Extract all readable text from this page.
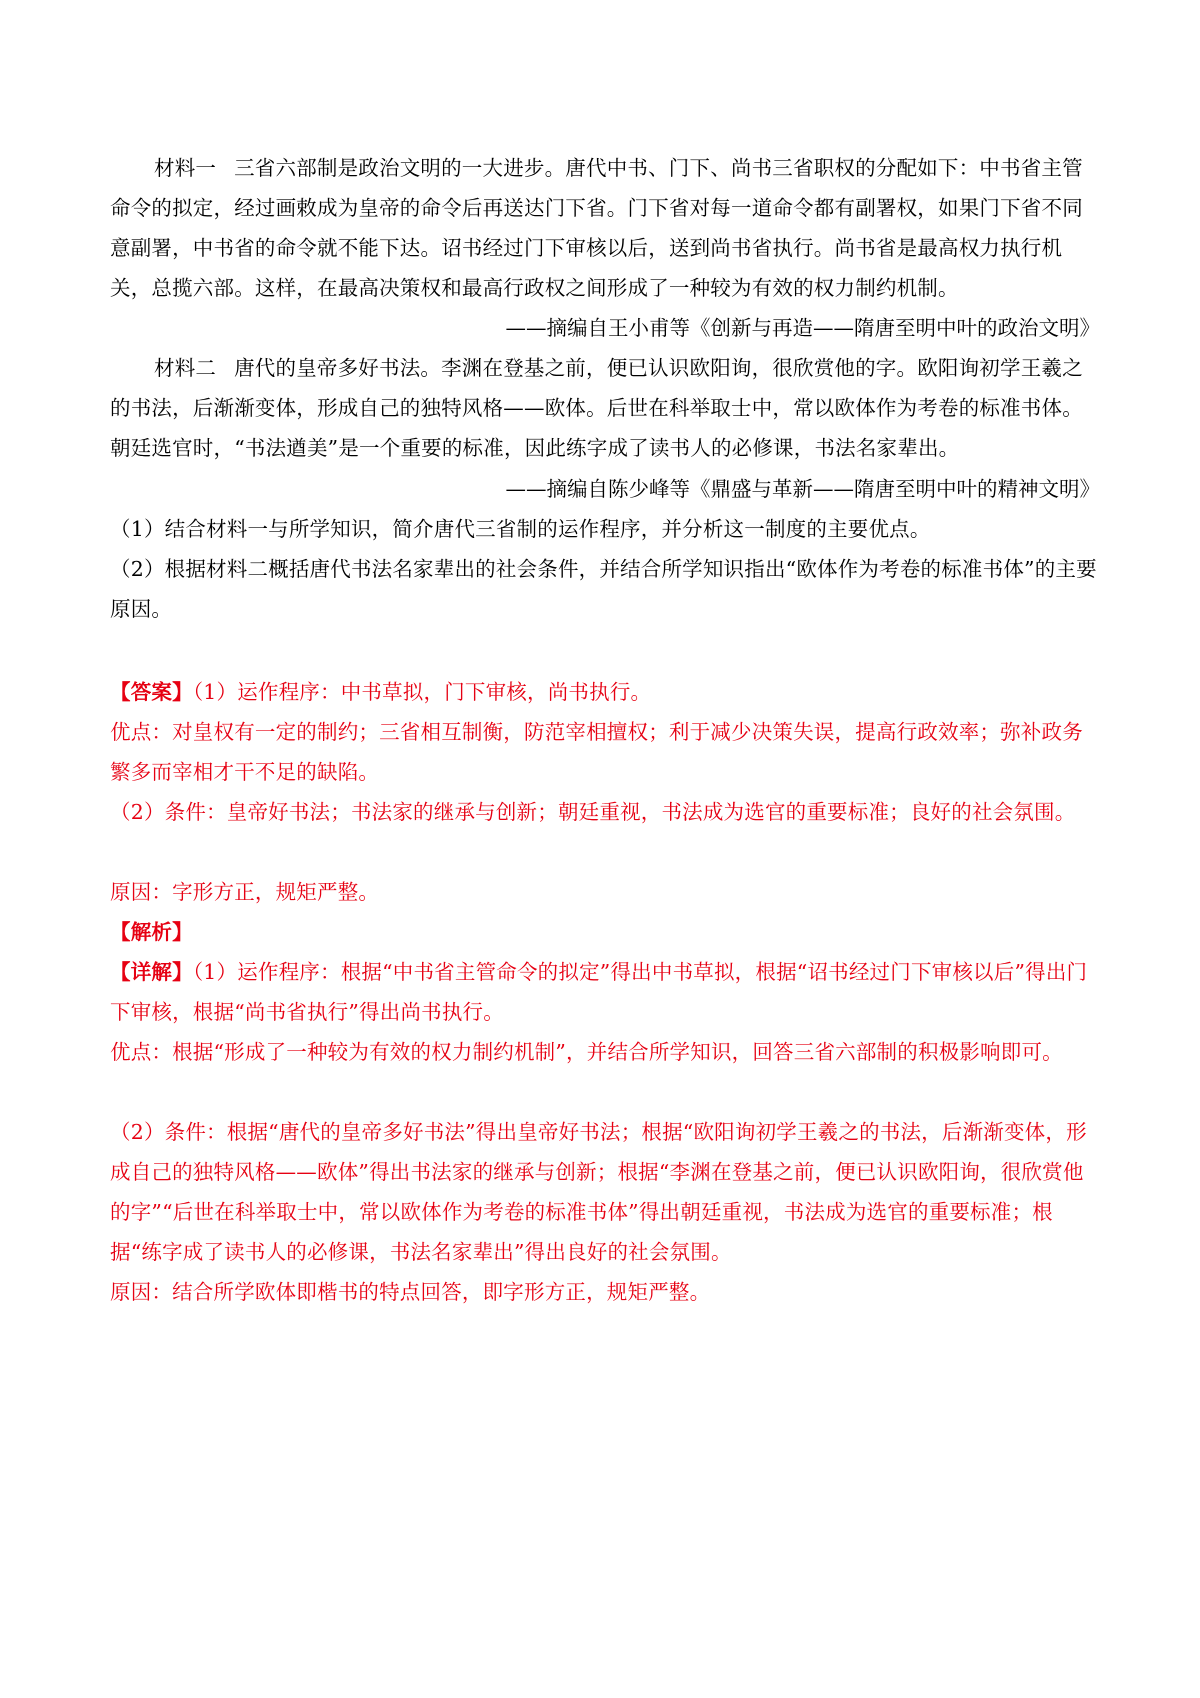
材料一 三省六部制是政治文明的一大进步。唐代中书、门下、尚书三省职权的分配如下：中书省主管命令的拟定，经过画敕成为皇帝的命令后再送达门下省。门下省对每一道命令都有副署权，如果门下省不同意副署，中书省的命令就不能下达。诏书经过门下审核以后，送到尚书省执行。尚书省是最高权力执行机关，总揽六部。这样，在最高决策权和最高行政权之间形成了一种较为有效的权力制约机制。

——摘编自王小甫等《创新与再造——隋唐至明中叶的政治文明》

材料二 唐代的皇帝多好书法。李渊在登基之前，便已认识欧阳询，很欣赏他的字。欧阳询初学王羲之的书法，后渐渐变体，形成自己的独特风格——欧体。后世在科举取士中，常以欧体作为考卷的标准书体。朝廷选官时，“书法遒美”是一个重要的标准，因此练字成了读书人的必修课，书法名家辈出。

——摘编自陈少峰等《鼎盛与革新——隋唐至明中叶的精神文明》

（1）结合材料一与所学知识，简介唐代三省制的运作程序，并分析这一制度的主要优点。

（2）根据材料二概括唐代书法名家辈出的社会条件，并结合所学知识指出“欧体作为考卷的标准书体”的主要原因。

【答案】（1）运作程序：中书草拟，门下审核，尚书执行。

优点：对皇权有一定的制约；三省相互制衡，防范宰相擅权；利于减少决策失误，提高行政效率；弥补政务繁多而宰相才干不足的缺陷。

（2）条件：皇帝好书法；书法家的继承与创新；朝廷重视，书法成为选官的重要标准；良好的社会氛围。

原因：字形方正，规矩严整。

【解析】

【详解】（1）运作程序：根据“中书省主管命令的拟定”得出中书草拟，根据“诏书经过门下审核以后”得出门下审核，根据“尚书省执行”得出尚书执行。

优点：根据“形成了一种较为有效的权力制约机制”，并结合所学知识，回答三省六部制的积极影响即可。

（2）条件：根据“唐代的皇帝多好书法”得出皇帝好书法；根据“欧阳询初学王羲之的书法，后渐渐变体，形成自己的独特风格——欧体”得出书法家的继承与创新；根据“李渊在登基之前，便已认识欧阳询，很欣赏他的字”“后世在科举取士中，常以欧体作为考卷的标准书体”得出朝廷重视，书法成为选官的重要标准；根据“练字成了读书人的必修课，书法名家辈出”得出良好的社会氛围。

原因：结合所学欧体即楷书的特点回答，即字形方正，规矩严整。
